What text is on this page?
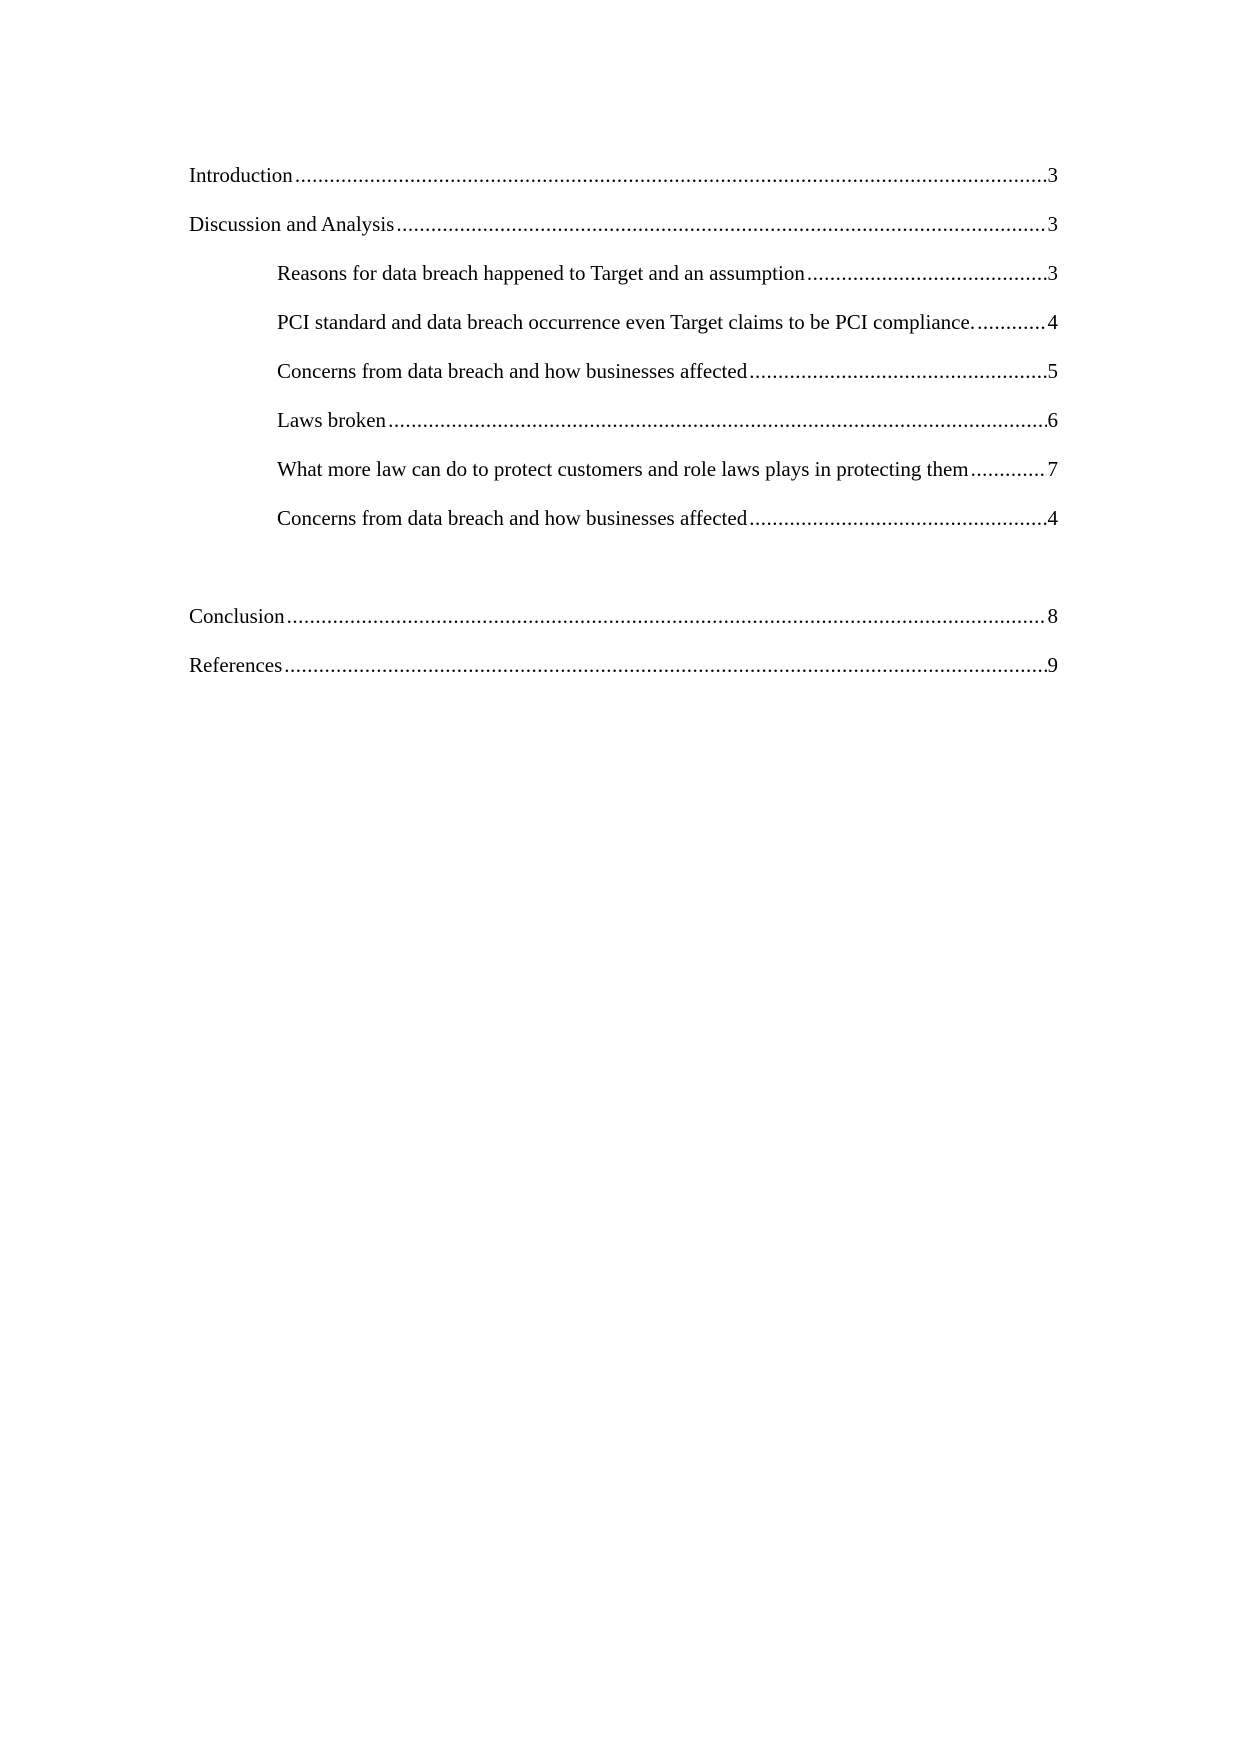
Introduction .....	3
Discussion and Analysis .....	3
Reasons for data breach happened to Target and an assumption .....	3
PCI standard and data breach occurrence even Target claims to be PCI compliance. .....	4
Concerns from data breach and how businesses affected .....	5
Laws broken .....	6
What more law can do to protect customers and role laws plays in protecting them .....	7
Concerns from data breach and how businesses affected .....	4
Conclusion .....	8
References .....	9
